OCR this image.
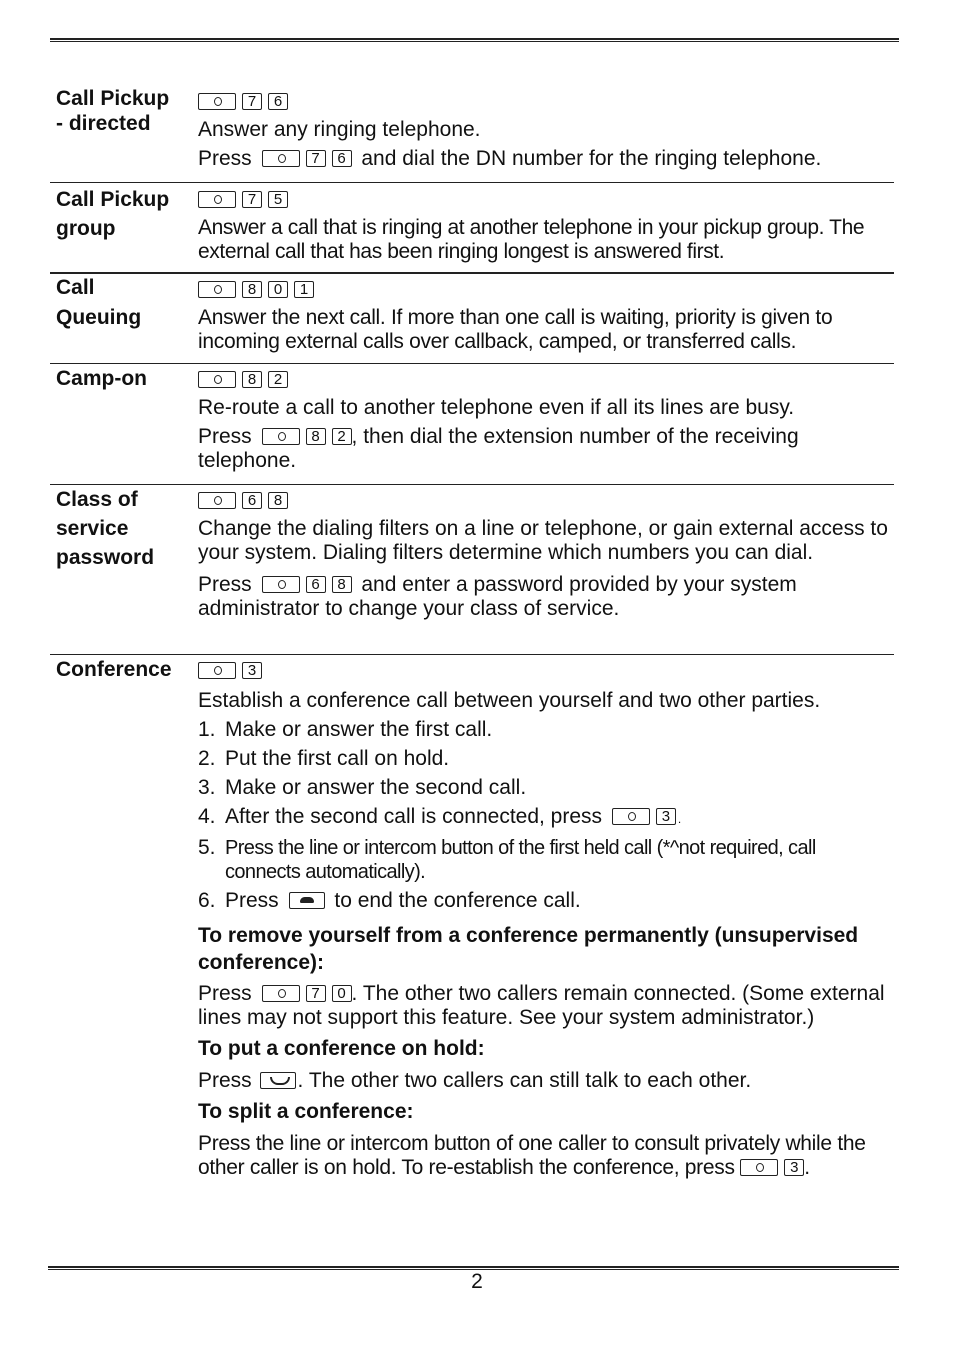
Call Pickup
- directed
7	6

Answer any ringing telephone.

Press	7	6 and dial the DN number for the ringing telephone.

Call Pickup
group
7	5

Answer a call that is ringing at another telephone in your pickup group. The external call that has been ringing longest is answered first.

Call
Queuing
8	0	1

Answer the next call. If more than one call is waiting, priority is given to incoming external calls over callback, camped, or transferred calls.

Camp-on	8	2

Re-route a call to another telephone even if all its lines are busy.

Press	8	2 , then dial the extension number of the receiving telephone.

Class of
service
password
6	8

Change the dialing filters on a line or telephone, or gain external access to your system. Dialing filters determine which numbers you can dial.

Press	6	8 and enter a password provided by your system administrator to change your class of service.

Conference	3

Establish a conference call between yourself and two other parties.

1. Make or answer the first call.
2. Put the first call on hold.
3. Make or answer the second call.
4. After the second call is connected, press	3 .
5. Press the line or intercom button of the first held call (*^not required, call connects automatically).
6. Press	to end the conference call.

To remove yourself from a conference permanently (unsupervised conference):

Press	7	0 . The other two callers remain connected. (Some external lines may not support this feature. See your system administrator.)

To put a conference on hold:

Press . The other two callers can still talk to each other.

To split a conference:

Press the line or intercom button of one caller to consult privately while the other caller is on hold. To re-establish the conference, press	3 .

2
